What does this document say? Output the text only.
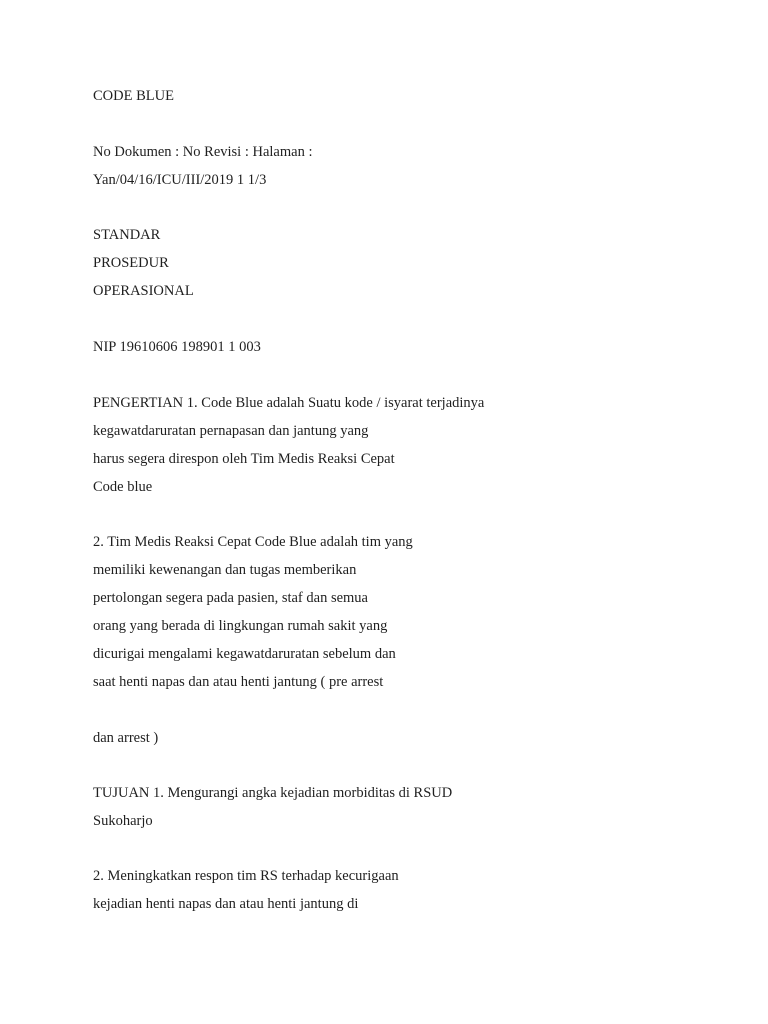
CODE BLUE

No Dokumen : No Revisi : Halaman :

Yan/04/16/ICU/III/2019 1 1/3

STANDAR

PROSEDUR

OPERASIONAL

NIP 19610606 198901 1 003

PENGERTIAN 1. Code Blue adalah Suatu kode / isyarat terjadinya

kegawatdaruratan pernapasan dan jantung yang

harus segera direspon oleh Tim Medis Reaksi Cepat

Code blue

2. Tim Medis Reaksi Cepat Code Blue adalah tim yang

memiliki kewenangan dan tugas memberikan

pertolongan segera pada pasien, staf dan semua

orang yang berada di lingkungan rumah sakit yang

dicurigai mengalami kegawatdaruratan sebelum dan

saat henti napas dan atau henti jantung ( pre arrest

dan arrest )

TUJUAN 1. Mengurangi angka kejadian morbiditas di RSUD

Sukoharjo

2. Meningkatkan respon tim RS terhadap kecurigaan

kejadian henti napas dan atau henti jantung di
